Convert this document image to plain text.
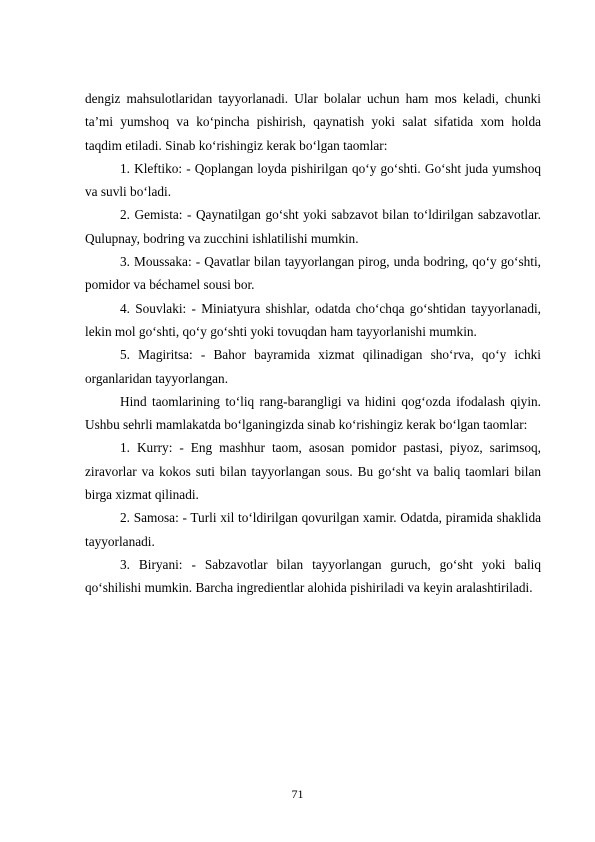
dengiz mahsulotlaridan tayyorlanadi. Ular bolalar uchun ham mos keladi, chunki ta’mi yumshoq va ko‘pincha pishirish, qaynatish yoki salat sifatida xom holda taqdim etiladi. Sinab ko‘rishingiz kerak bo‘lgan taomlar:

1. Kleftiko: - Qoplangan loyda pishirilgan qo‘y go‘shti. Go‘sht juda yumshoq va suvli bo‘ladi.

2. Gemista: - Qaynatilgan go‘sht yoki sabzavot bilan to‘ldirilgan sabzavotlar. Qulupnay, bodring va zucchini ishlatilishi mumkin.

3. Moussaka: - Qavatlar bilan tayyorlangan pirog, unda bodring, qo‘y go‘shti, pomidor va béchamel sousi bor.

4. Souvlaki: - Miniatyura shishlar, odatda cho‘chqa go‘shtidan tayyorlanadi, lekin mol go‘shti, qo‘y go‘shti yoki tovuqdan ham tayyorlanishi mumkin.

5. Magiritsa: - Bahor bayramida xizmat qilinadigan sho‘rva, qo‘y ichki organlaridan tayyorlangan.

Hind taomlarining to‘liq rang-barangligi va hidini qog‘ozda ifodalash qiyin. Ushbu sehrli mamlakatda bo‘lganingizda sinab ko‘rishingiz kerak bo‘lgan taomlar:

1. Kurry: - Eng mashhur taom, asosan pomidor pastasi, piyoz, sarimsoq, ziravorlar va kokos suti bilan tayyorlangan sous. Bu go‘sht va baliq taomlari bilan birga xizmat qilinadi.

2. Samosa: - Turli xil to‘ldirilgan qovurilgan xamir. Odatda, piramida shaklida tayyorlanadi.

3. Biryani: - Sabzavotlar bilan tayyorlangan guruch, go‘sht yoki baliq qo‘shilishi mumkin. Barcha ingredientlar alohida pishiriladi va keyin aralashtiriladi.

71
